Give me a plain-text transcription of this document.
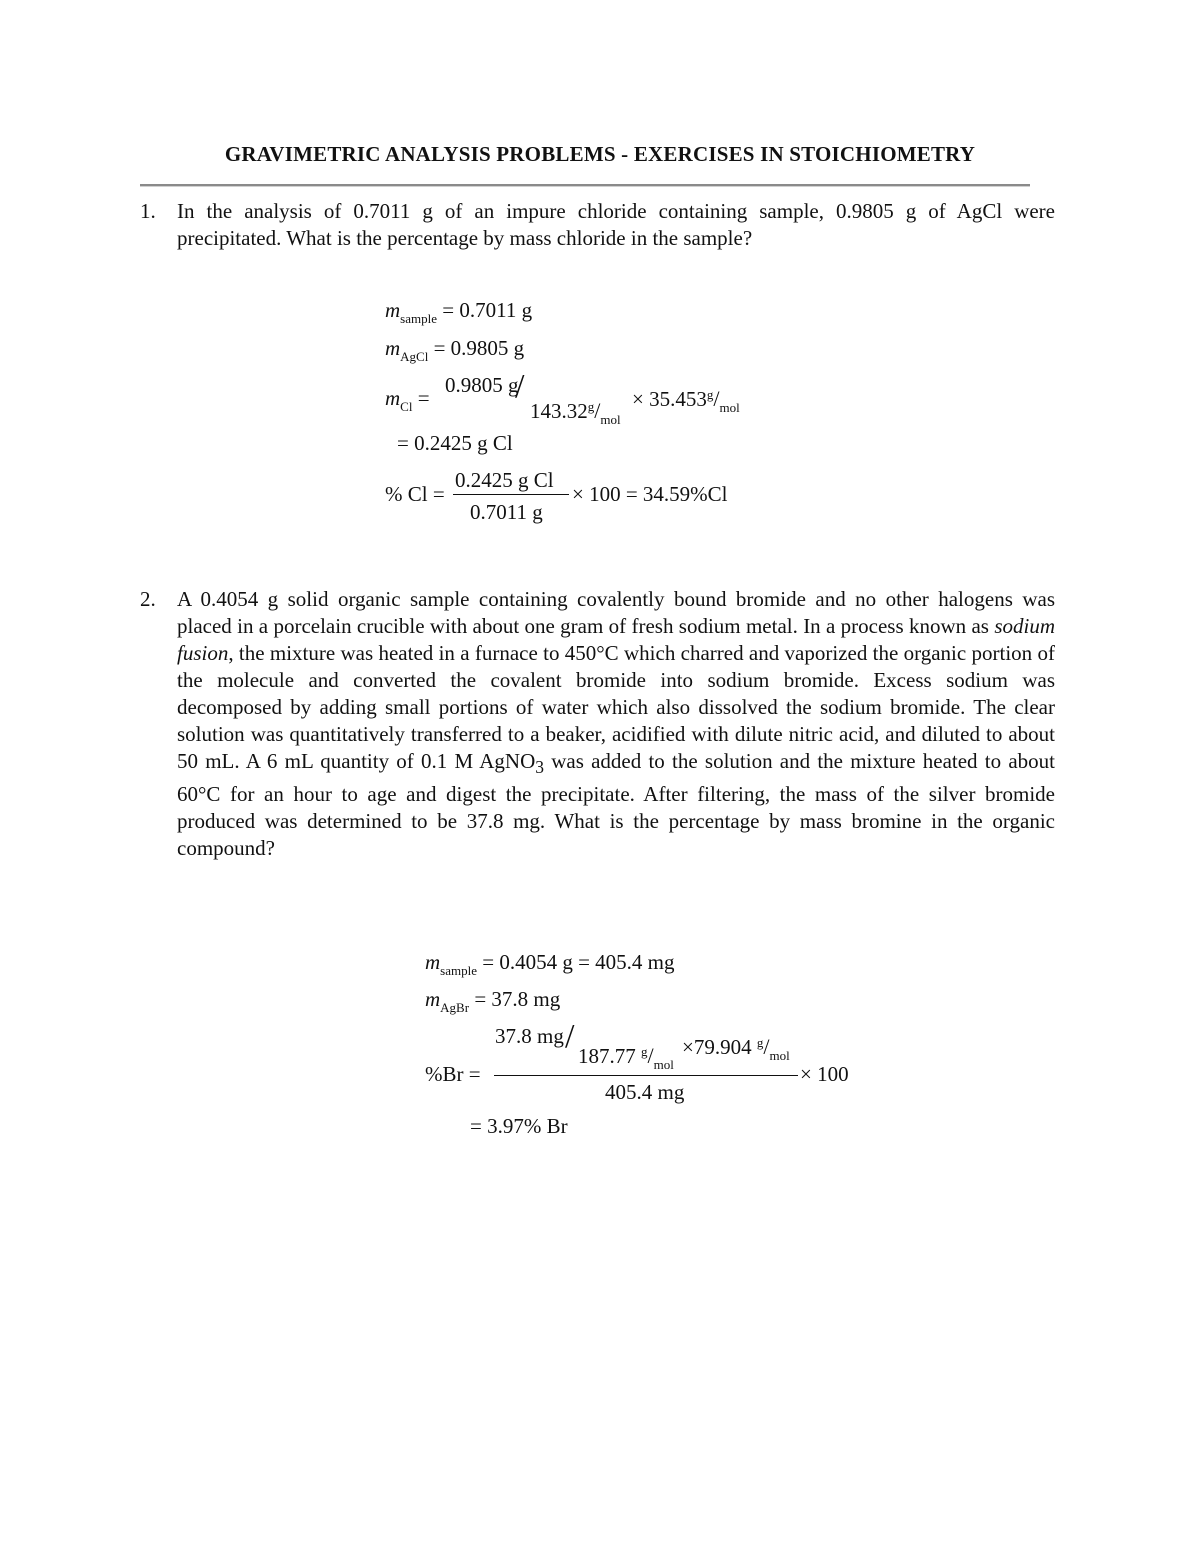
GRAVIMETRIC ANALYSIS PROBLEMS - EXERCISES IN STOICHIOMETRY
1.	In the analysis of 0.7011 g of an impure chloride containing sample, 0.9805 g of AgCl were precipitated. What is the percentage by mass chloride in the sample?
$m_{sample} = 0.7011$ g
$m_{AgCl} = 0.9805$ g
$m_{Cl}$ =
0.9805 g
/
$143.32^g/_{mol}$
× $35.453^g/_{mol}$
= 0.2425 g Cl
% Cl =
0.2425 g Cl
0.7011 g
× 100 = 34.59%Cl
2.	A 0.4054 g solid organic sample containing covalently bound bromide and no other halogens was placed in a porcelain crucible with about one gram of fresh sodium metal. In a process known as sodium fusion, the mixture was heated in a furnace to 450°C which charred and vaporized the organic portion of the molecule and converted the covalent bromide into sodium bromide. Excess sodium was decomposed by adding small portions of water which also dissolved the sodium bromide. The clear solution was quantitatively transferred to a beaker, acidified with dilute nitric acid, and diluted to about 50 mL. A 6 mL quantity of 0.1 M AgNO$_3$ was added to the solution and the mixture heated to about 60°C for an hour to age and digest the precipitate. After filtering, the mass of the silver bromide produced was determined to be 37.8 mg. What is the percentage by mass bromine in the organic compound?
$m_{sample} = 0.4054$ g = 405.4 mg
$m_{AgBr} = 37.8$ mg
%Br =
37.8 mg /
187.77 $^g/_{mol}$
×79.904 $^g/_{mol}$
405.4 mg
× 100
= 3.97% Br
